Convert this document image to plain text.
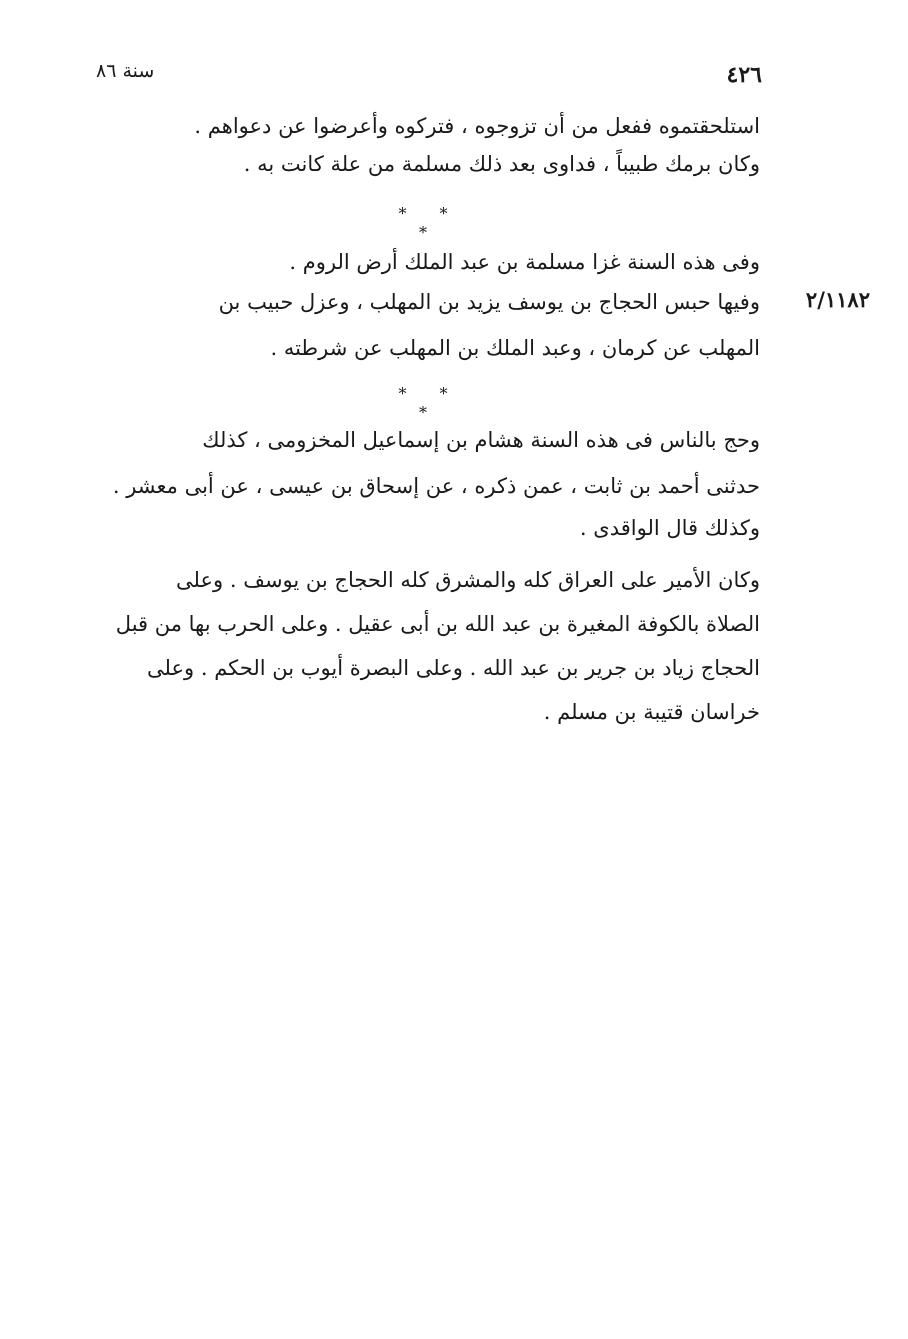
٤٢٦
سنة ٨٦
استلحقتموه ففعل من أن تزوجوه ، فتركوه وأعرضوا عن دعواهم .
وكان برمك طبيباً ، فداوى بعد ذلك مسلمة من علة كانت به .
* * *
وفى هذه السنة غزا مسلمة بن عبد الملك أرض الروم .
٢/١١٨٢
وفيها حبس الحجاج بن يوسف يزيد بن المهلب ، وعزل حبيب بن
المهلب عن كرمان ، وعبد الملك بن المهلب عن شرطته .
* * *
وحج بالناس فى هذه السنة هشام بن إسماعيل المخزومى ، كذلك
حدثنى أحمد بن ثابت ، عمن ذكره ، عن إسحاق بن عيسى ، عن أبى معشر .
وكذلك قال الواقدى .
وكان الأمير على العراق كله والمشرق كله الحجاج بن يوسف . وعلى
الصلاة بالكوفة المغيرة بن عبد الله بن أبى عقيل . وعلى الحرب بها من قبل
الحجاج زياد بن جرير بن عبد الله . وعلى البصرة أيوب بن الحكم . وعلى
خراسان قتيبة بن مسلم .
